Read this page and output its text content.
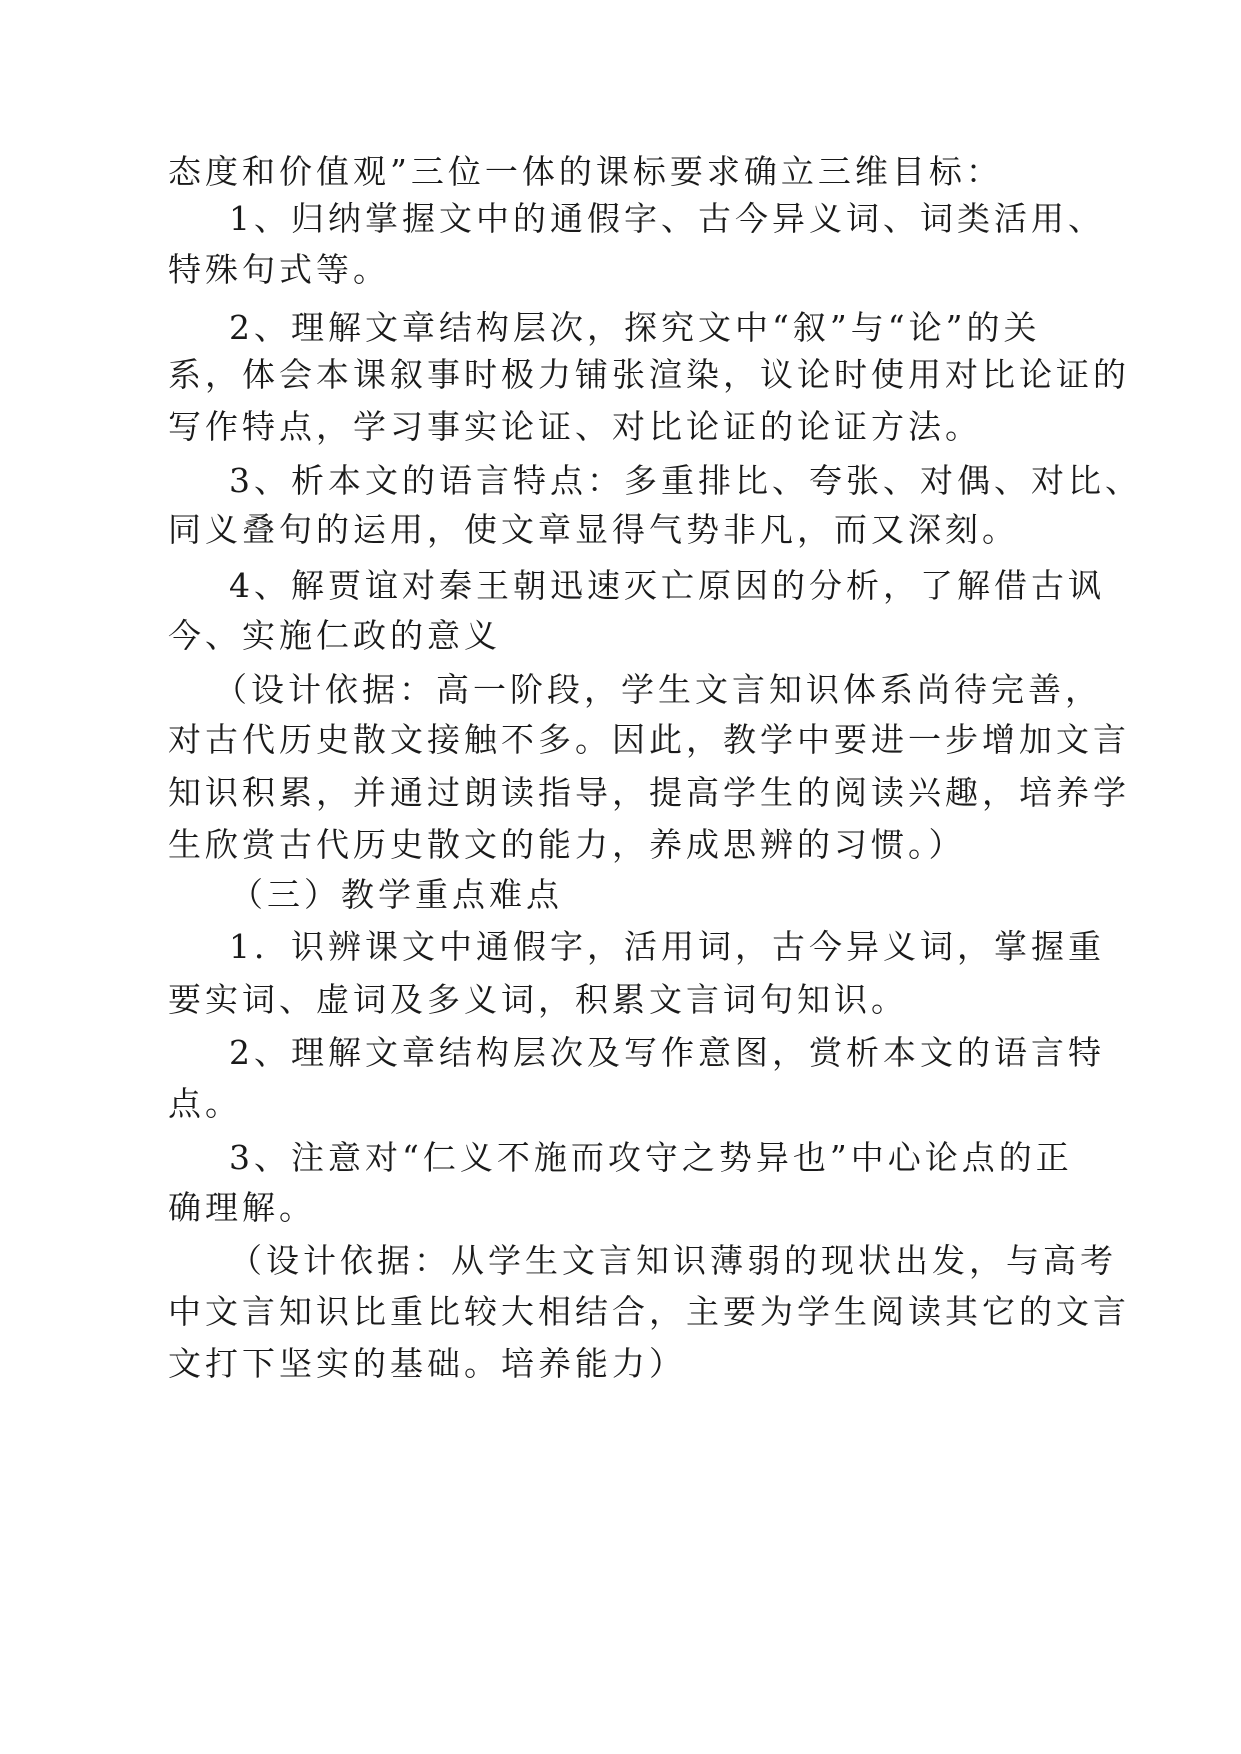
态度和价值观”三位一体的课标要求确立三维目标：
1、归纳掌握文中的通假字、古今异义词、词类活用、
特殊句式等。
2、理解文章结构层次，探究文中“叙”与“论”的关
系，体会本课叙事时极力铺张渲染，议论时使用对比论证的
写作特点，学习事实论证、对比论证的论证方法。
3、析本文的语言特点：多重排比、夸张、对偶、对比、
同义叠句的运用，使文章显得气势非凡，而又深刻。
4、解贾谊对秦王朝迅速灭亡原因的分析，了解借古讽
今、实施仁政的意义
（设计依据：高一阶段，学生文言知识体系尚待完善，
对古代历史散文接触不多。因此，教学中要进一步增加文言
知识积累，并通过朗读指导，提高学生的阅读兴趣，培养学
生欣赏古代历史散文的能力，养成思辨的习惯。）
（三）教学重点难点
1．识辨课文中通假字，活用词，古今异义词，掌握重
要实词、虚词及多义词，积累文言词句知识。
2、理解文章结构层次及写作意图，赏析本文的语言特
点。
3、注意对“仁义不施而攻守之势异也”中心论点的正
确理解。
（设计依据：从学生文言知识薄弱的现状出发，与高考
中文言知识比重比较大相结合，主要为学生阅读其它的文言
文打下坚实的基础。培养能力）
